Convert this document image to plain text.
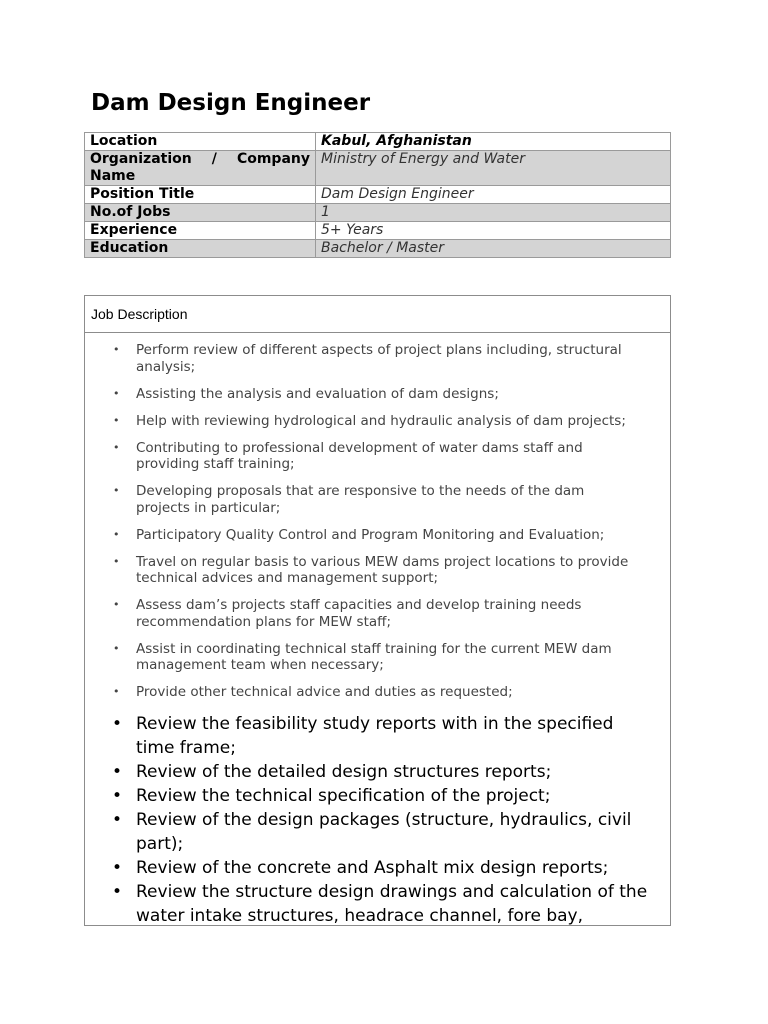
Dam Design Engineer
Location	Kabul, Afghanistan

Organization / Company
Name	Ministry of Energy and Water
Position Title	Dam Design Engineer
No.of Jobs	1
Experience	5+ Years
Education	Bachelor / Master
Job Description
• Perform review of different aspects of project plans including, structural analysis;
• Assisting the analysis and evaluation of dam designs;
• Help with reviewing hydrological and hydraulic analysis of dam projects;
• Contributing to professional development of water dams staff and providing staff training;
• Developing proposals that are responsive to the needs of the dam projects in particular;
• Participatory Quality Control and Program Monitoring and Evaluation;
• Travel on regular basis to various MEW dams project locations to provide technical advices and management support;
• Assess dam’s projects staff capacities and develop training needs recommendation plans for MEW staff;
• Assist in coordinating technical staff training for the current MEW dam management team when necessary;
• Provide other technical advice and duties as requested;
• Review the feasibility study reports with in the specified time frame;
• Review of the detailed design structures reports;
• Review the technical specification of the project;
• Review of the design packages (structure, hydraulics, civil part);
• Review of the concrete and Asphalt mix design reports;
• Review the structure design drawings and calculation of the water intake structures, headrace channel, fore bay,
